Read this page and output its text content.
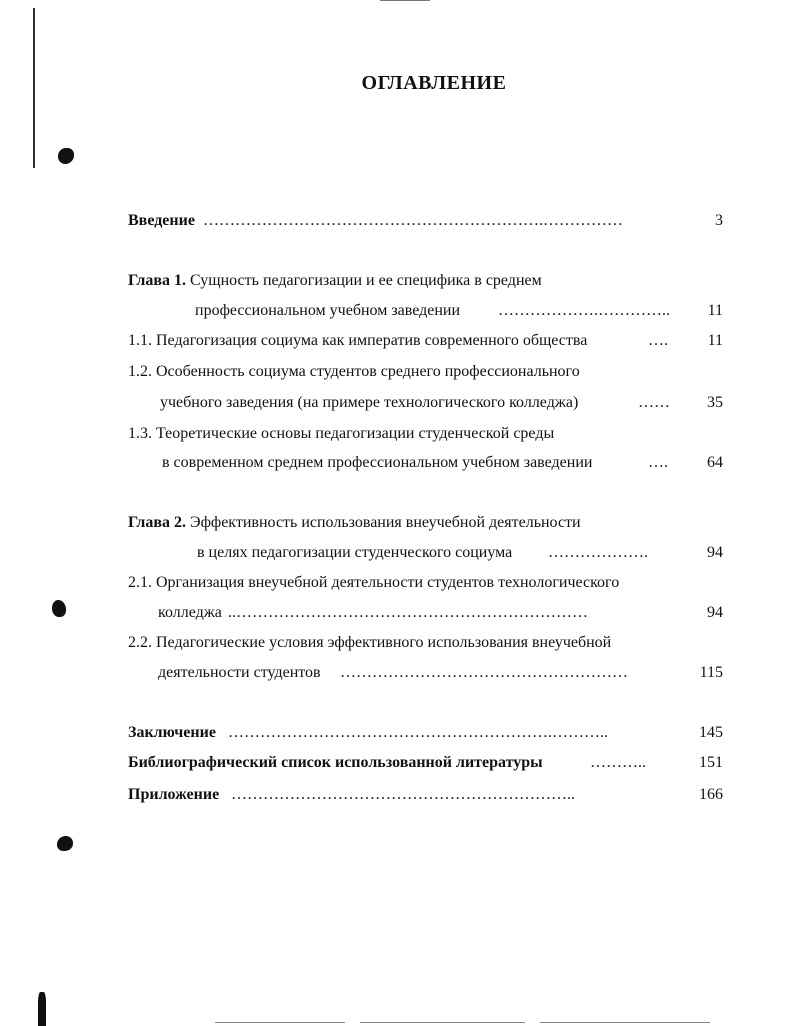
ОГЛАВЛЕНИЕ
Введение ……………………………………………………….……………	3
Глава 1. Сущность педагогизации и ее специфика в среднем
профессиональном учебном заведении ……………….………….. 11
1.1. Педагогизация социума как императив современного общества	….	11
1.2. Особенность социума студентов среднего профессионального
учебного заведения (на примере технологического колледжа)	……	35
1.3. Теоретические основы педагогизации студенческой среды
в современном среднем профессиональном учебном заведении	….	64
Глава 2. Эффективность использования внеучебной деятельности
в целях педагогизации студенческого социума ……………….	94
2.1. Организация внеучебной деятельности студентов технологического
колледжа ..…………………………………………………………	94
2.2. Педагогические условия эффективного использования внеучебной
деятельности студентов ………………………………………………	115
Заключение …………………………………………………….………..	145
Библиографический список использованной литературы	………..	151
Приложение ………………………………………………………..	166
